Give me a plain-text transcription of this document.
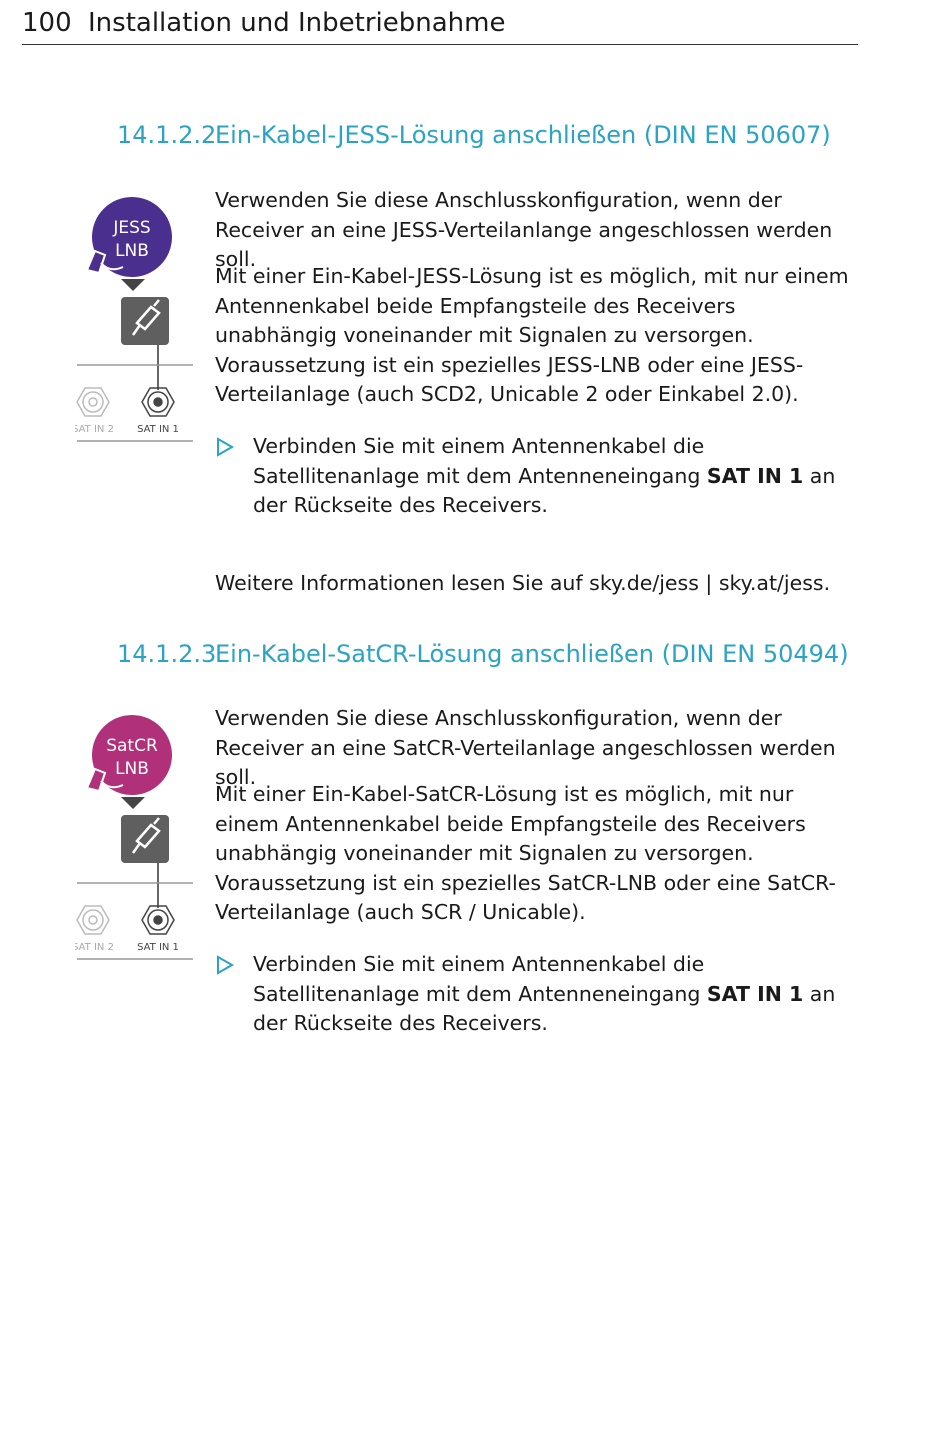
100 Installation und Inbetriebnahme
14.1.2.2Ein-Kabel-JESS-Lösung anschließen (DIN EN 50607)
JESS
LNB
SAT IN 2 SAT IN 1

Verwenden Sie diese Anschlusskonfiguration, wenn der Receiver an eine JESS-Verteilanlange angeschlossen werden soll.

Mit einer Ein-Kabel-JESS-Lösung ist es möglich, mit nur einem Antennenkabel beide Empfangsteile des Receivers unabhängig voneinander mit Signalen zu versorgen. Voraussetzung ist ein spezielles JESS-LNB oder eine JESS-Verteilanlage (auch SCD2, Unicable 2 oder Einkabel 2.0).

Verbinden Sie mit einem Antennenkabel die Satellitenanlage mit dem Antenneneingang SAT IN 1 an der Rückseite des Receivers.

Weitere Informationen lesen Sie auf sky.de/jess | sky.at/jess.

14.1.2.3Ein-Kabel-SatCR-Lösung anschließen (DIN EN 50494)
SatCR
LNB
SAT IN 2 SAT IN 1

Verwenden Sie diese Anschlusskonfiguration, wenn der Receiver an eine SatCR-Verteilanlage angeschlossen werden soll.

Mit einer Ein-Kabel-SatCR-Lösung ist es möglich, mit nur einem Antennenkabel beide Empfangsteile des Receivers unabhängig voneinander mit Signalen zu versorgen. Voraussetzung ist ein spezielles SatCR-LNB oder eine SatCR-Verteilanlage (auch SCR / Unicable).

Verbinden Sie mit einem Antennenkabel die Satellitenanlage mit dem Antenneneingang SAT IN 1 an der Rückseite des Receivers.
